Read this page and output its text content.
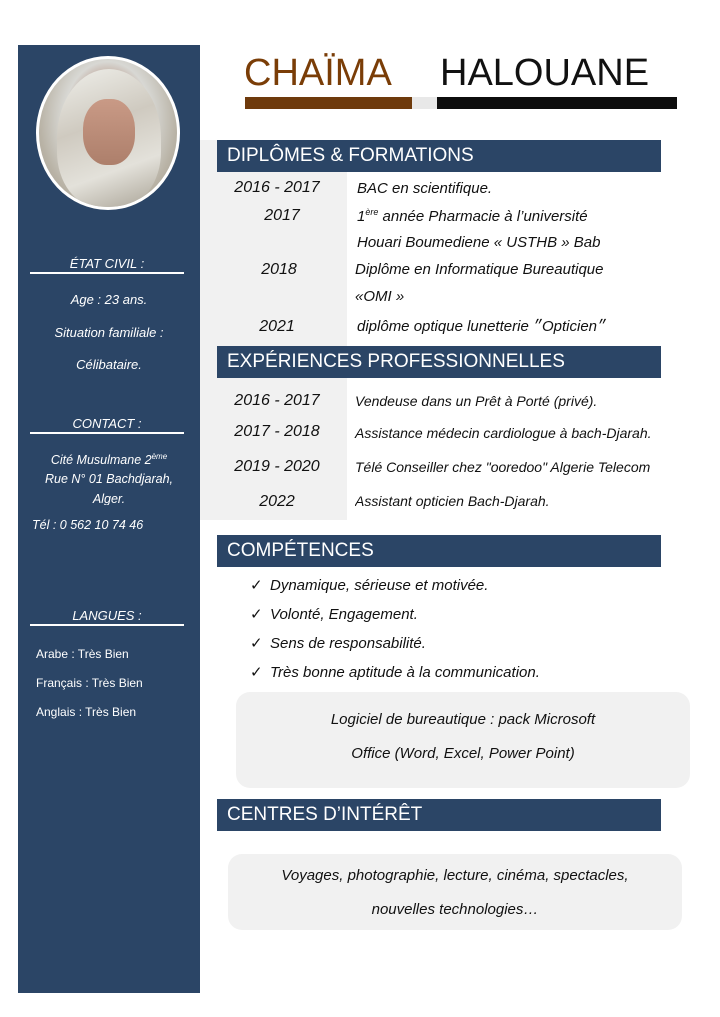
ÉTAT CIVIL :
Age : 23 ans.
Situation familiale :
Célibataire.
CONTACT :
Cité Musulmane 2ème
Rue N° 01 Bachdjarah,
Alger.
Tél : 0 562 10 74 46
LANGUES :
Arabe : Très Bien
Français : Très Bien
Anglais : Très Bien
CHAÏMA HALOUANE
DIPLÔMES & FORMATIONS
2016 - 2017	BAC en scientifique.
2017	1ère année Pharmacie à l’université
Houari Boumediene « USTHB » Bab
2018	Diplôme en Informatique Bureautique
«OMI »
2021	diplôme optique lunetterie ״Opticien״
EXPÉRIENCES PROFESSIONNELLES
2016 - 2017	Vendeuse dans un Prêt à Porté (privé).
2017 - 2018	Assistance médecin cardiologue à bach-Djarah.
2019 - 2020	Télé Conseiller chez "ooredoo" Algerie Telecom
2022	Assistant opticien Bach-Djarah.
COMPÉTENCES
✓ Dynamique, sérieuse et motivée.
✓ Volonté, Engagement.
✓ Sens de responsabilité.
✓ Très bonne aptitude à la communication.
Logiciel de bureautique : pack Microsoft
Office (Word, Excel, Power Point)
CENTRES D’INTÉRÊT
Voyages, photographie, lecture, cinéma, spectacles,
nouvelles technologies…
